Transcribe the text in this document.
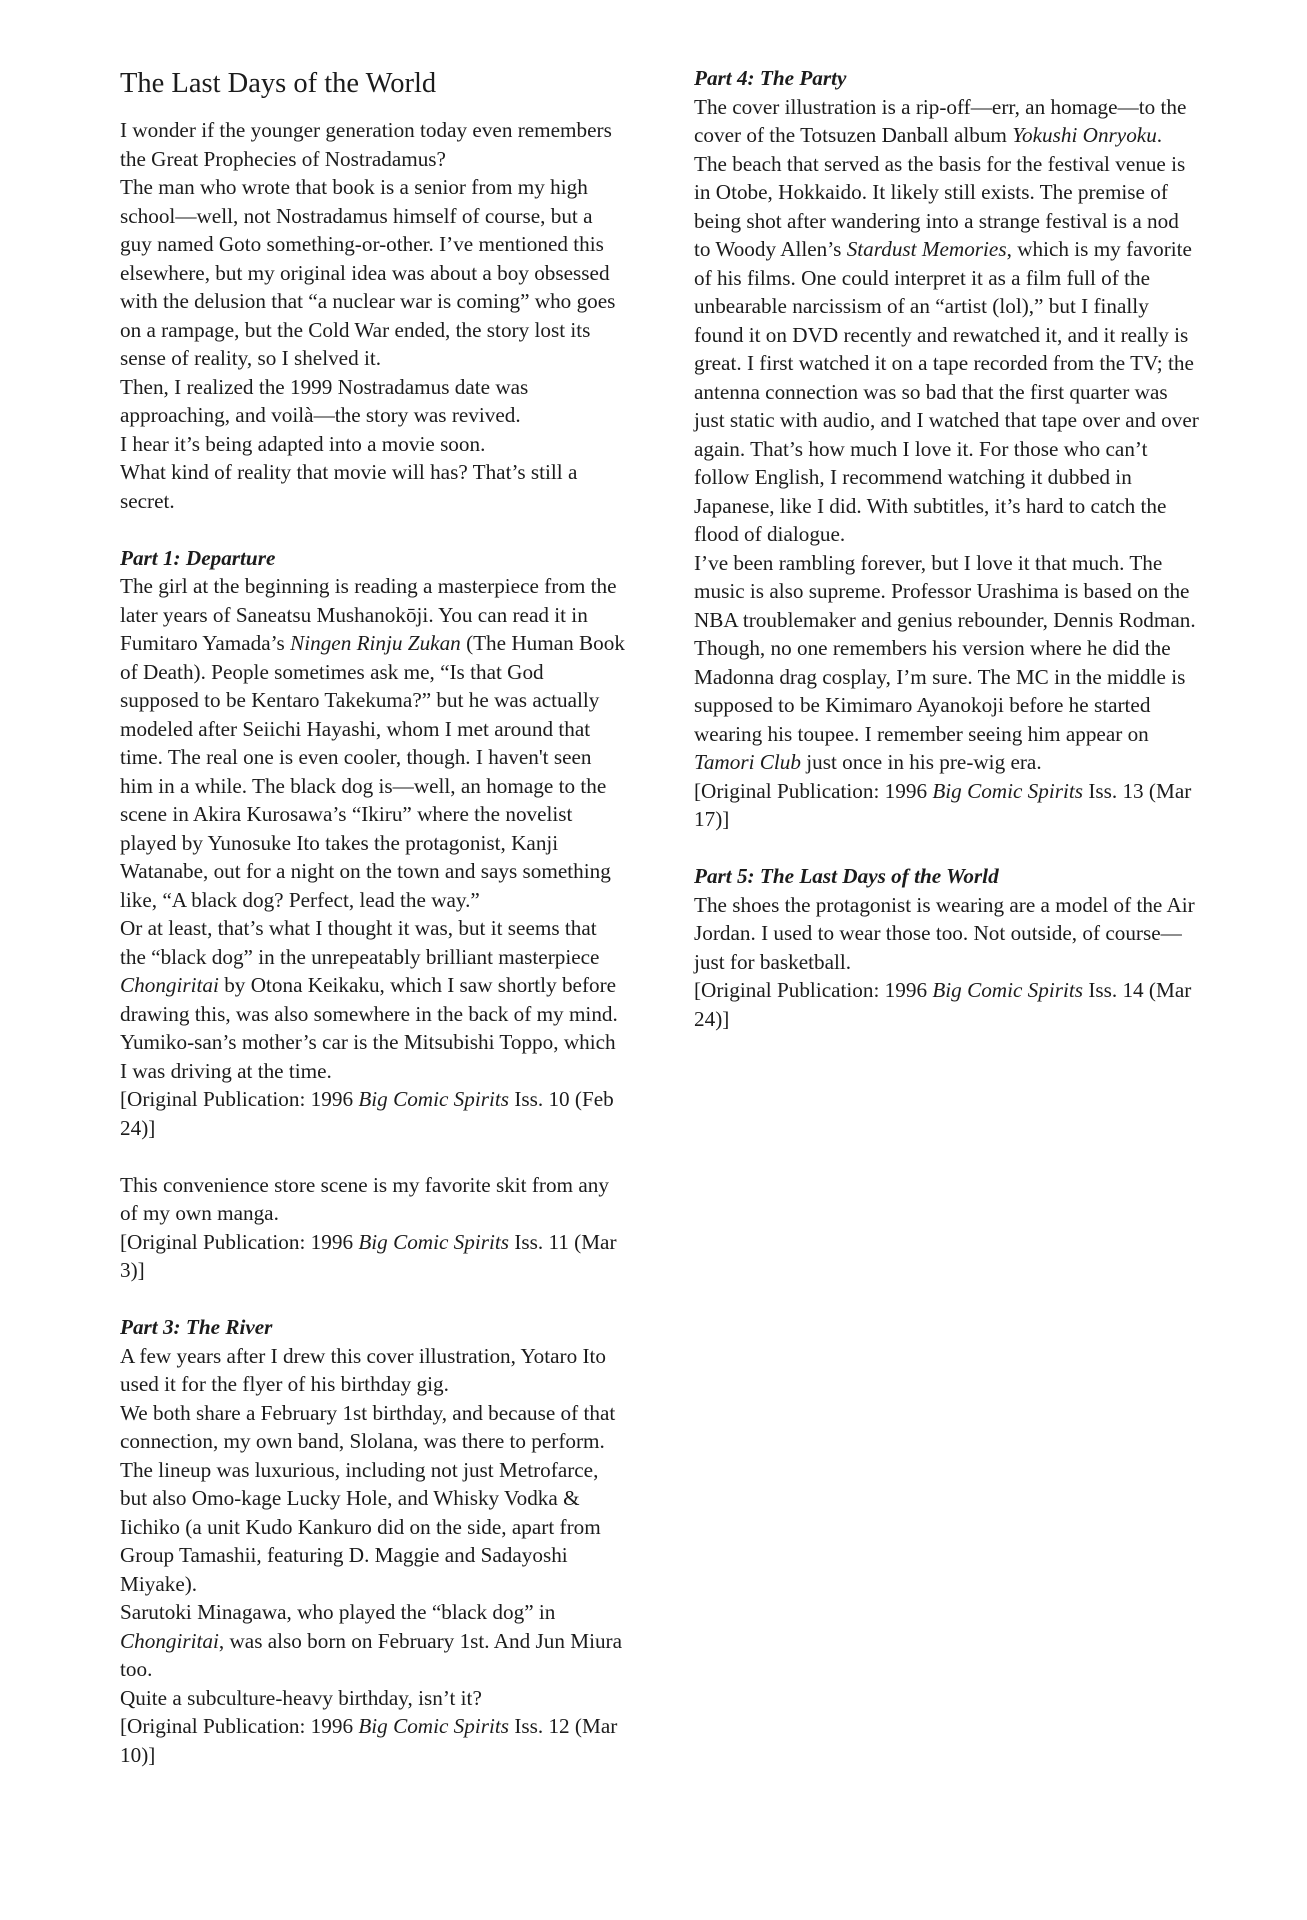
The Last Days of the World

I wonder if the younger generation today even remembers the Great Prophecies of Nostradamus?

The man who wrote that book is a senior from my high school—well, not Nostradamus himself of course, but a guy named Goto something-or-other. I’ve mentioned this elsewhere, but my original idea was about a boy obsessed with the delusion that “a nuclear war is coming” who goes on a rampage, but the Cold War ended, the story lost its sense of reality, so I shelved it.

Then, I realized the 1999 Nostradamus date was approaching, and voilà—the story was revived.

I hear it’s being adapted into a movie soon.

What kind of reality that movie will has? That’s still a secret.

Part 1: Departure

The girl at the beginning is reading a masterpiece from the later years of Saneatsu Mushanokōji. You can read it in Fumitaro Yamada’s Ningen Rinju Zukan (The Human Book of Death). People sometimes ask me, “Is that God supposed to be Kentaro Takekuma?” but he was actually modeled after Seiichi Hayashi, whom I met around that time. The real one is even cooler, though. I haven't seen him in a while. The black dog is—well, an homage to the scene in Akira Kurosawa’s “Ikiru” where the novelist played by Yunosuke Ito takes the protagonist, Kanji Watanabe, out for a night on the town and says something like, “A black dog? Perfect, lead the way.”

Or at least, that’s what I thought it was, but it seems that the “black dog” in the unrepeatably brilliant masterpiece Chongiritai by Otona Keikaku, which I saw shortly before drawing this, was also somewhere in the back of my mind.

Yumiko-san’s mother’s car is the Mitsubishi Toppo, which I was driving at the time.

[Original Publication: 1996 Big Comic Spirits Iss. 10 (Feb 24)]

This convenience store scene is my favorite skit from any of my own manga.

[Original Publication: 1996 Big Comic Spirits Iss. 11 (Mar 3)]

Part 3: The River

A few years after I drew this cover illustration, Yotaro Ito used it for the flyer of his birthday gig.

We both share a February 1st birthday, and because of that connection, my own band, Slolana, was there to perform. The lineup was luxurious, including not just Metrofarce, but also Omo-kage Lucky Hole, and Whisky Vodka & Iichiko (a unit Kudo Kankuro did on the side, apart from Group Tamashii, featuring D. Maggie and Sadayoshi Miyake).

Sarutoki Minagawa, who played the “black dog” in Chongiritai, was also born on February 1st. And Jun Miura too.

Quite a subculture-heavy birthday, isn’t it?

[Original Publication: 1996 Big Comic Spirits Iss. 12 (Mar 10)]

Part 4: The Party

The cover illustration is a rip-off—err, an homage—to the cover of the Totsuzen Danball album Yokushi Onryoku. The beach that served as the basis for the festival venue is in Otobe, Hokkaido. It likely still exists. The premise of being shot after wandering into a strange festival is a nod to Woody Allen’s Stardust Memories, which is my favorite of his films. One could interpret it as a film full of the unbearable narcissism of an “artist (lol),” but I finally found it on DVD recently and rewatched it, and it really is great. I first watched it on a tape recorded from the TV; the antenna connection was so bad that the first quarter was just static with audio, and I watched that tape over and over again. That’s how much I love it. For those who can’t follow English, I recommend watching it dubbed in Japanese, like I did. With subtitles, it’s hard to catch the flood of dialogue.

I’ve been rambling forever, but I love it that much. The music is also supreme. Professor Urashima is based on the NBA troublemaker and genius rebounder, Dennis Rodman.

Though, no one remembers his version where he did the Madonna drag cosplay, I’m sure. The MC in the middle is supposed to be Kimimaro Ayanokoji before he started wearing his toupee. I remember seeing him appear on Tamori Club just once in his pre-wig era.

[Original Publication: 1996 Big Comic Spirits Iss. 13 (Mar 17)]

Part 5: The Last Days of the World

The shoes the protagonist is wearing are a model of the Air Jordan. I used to wear those too. Not outside, of course—just for basketball.

[Original Publication: 1996 Big Comic Spirits Iss. 14 (Mar 24)]
